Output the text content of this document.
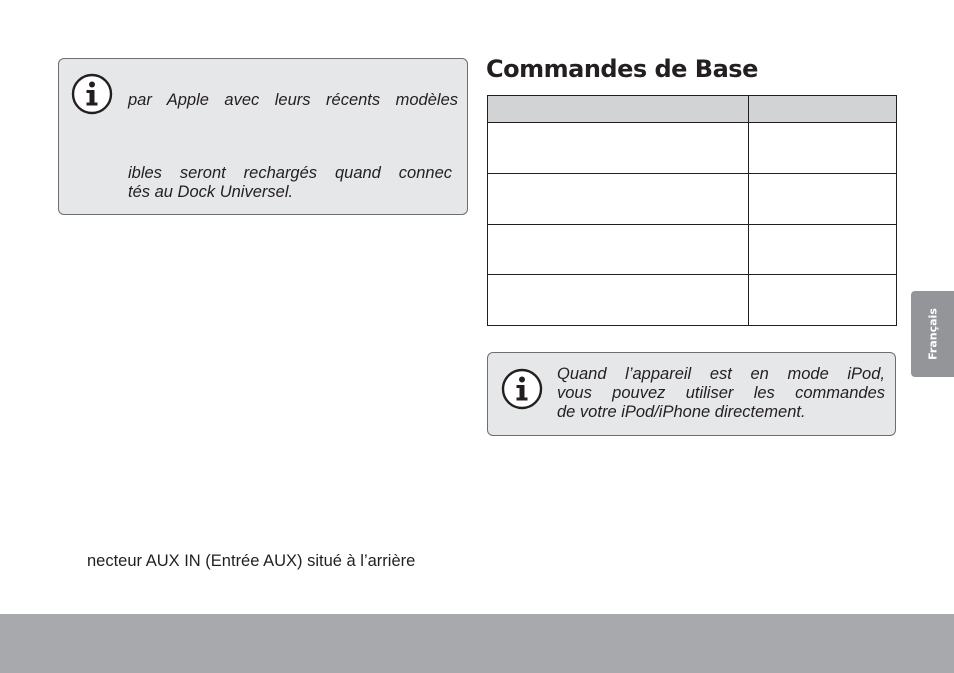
par Apple avec leurs récents modèles
ibles seront rechargés quand connec
tés au Dock Universel.
Commandes de Base

Quand l’appareil est en mode iPod,
vous pouvez utiliser les commandes
de votre iPod/iPhone directement.
necteur AUX IN (Entrée AUX) situé à l’arrière
Français
